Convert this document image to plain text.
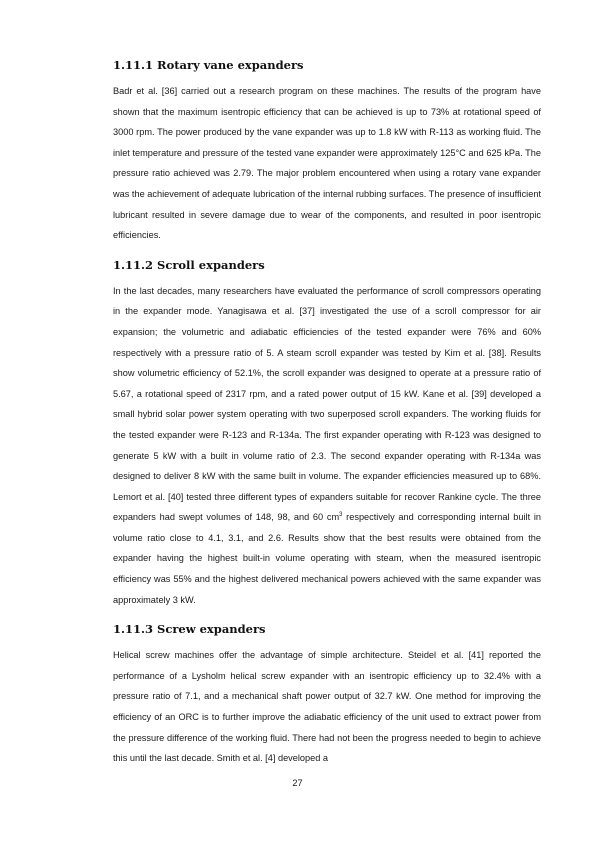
1.11.1 Rotary vane expanders

Badr et al. [36] carried out a research program on these machines. The results of the program have shown that the maximum isentropic efficiency that can be achieved is up to 73% at rotational speed of 3000 rpm. The power produced by the vane expander was up to 1.8 kW with R-113 as working fluid. The inlet temperature and pressure of the tested vane expander were approximately 125°C and 625 kPa. The pressure ratio achieved was 2.79. The major problem encountered when using a rotary vane expander was the achievement of adequate lubrication of the internal rubbing surfaces. The presence of insufficient lubricant resulted in severe damage due to wear of the components, and resulted in poor isentropic efficiencies.

1.11.2 Scroll expanders

In the last decades, many researchers have evaluated the performance of scroll compressors operating in the expander mode. Yanagisawa et al. [37] investigated the use of a scroll compressor for air expansion; the volumetric and adiabatic efficiencies of the tested expander were 76% and 60% respectively with a pressure ratio of 5. A steam scroll expander was tested by Kim et al. [38]. Results show volumetric efficiency of 52.1%, the scroll expander was designed to operate at a pressure ratio of 5.67, a rotational speed of 2317 rpm, and a rated power output of 15 kW. Kane et al. [39] developed a small hybrid solar power system operating with two superposed scroll expanders. The working fluids for the tested expander were R-123 and R-134a. The first expander operating with R-123 was designed to generate 5 kW with a built in volume ratio of 2.3. The second expander operating with R-134a was designed to deliver 8 kW with the same built in volume. The expander efficiencies measured up to 68%. Lemort et al. [40] tested three different types of expanders suitable for recover Rankine cycle. The three expanders had swept volumes of 148, 98, and 60 $cm^3$ respectively and corresponding internal built in volume ratio close to 4.1, 3.1, and 2.6. Results show that the best results were obtained from the expander having the highest built-in volume operating with steam, when the measured isentropic efficiency was 55% and the highest delivered mechanical powers achieved with the same expander was approximately 3 kW.

1.11.3 Screw expanders

Helical screw machines offer the advantage of simple architecture. Steidel et al. [41] reported the performance of a Lysholm helical screw expander with an isentropic efficiency up to 32.4% with a pressure ratio of 7.1, and a mechanical shaft power output of 32.7 kW. One method for improving the efficiency of an ORC is to further improve the adiabatic efficiency of the unit used to extract power from the pressure difference of the working fluid. There had not been the progress needed to begin to achieve this until the last decade. Smith et al. [4] developed a

27
